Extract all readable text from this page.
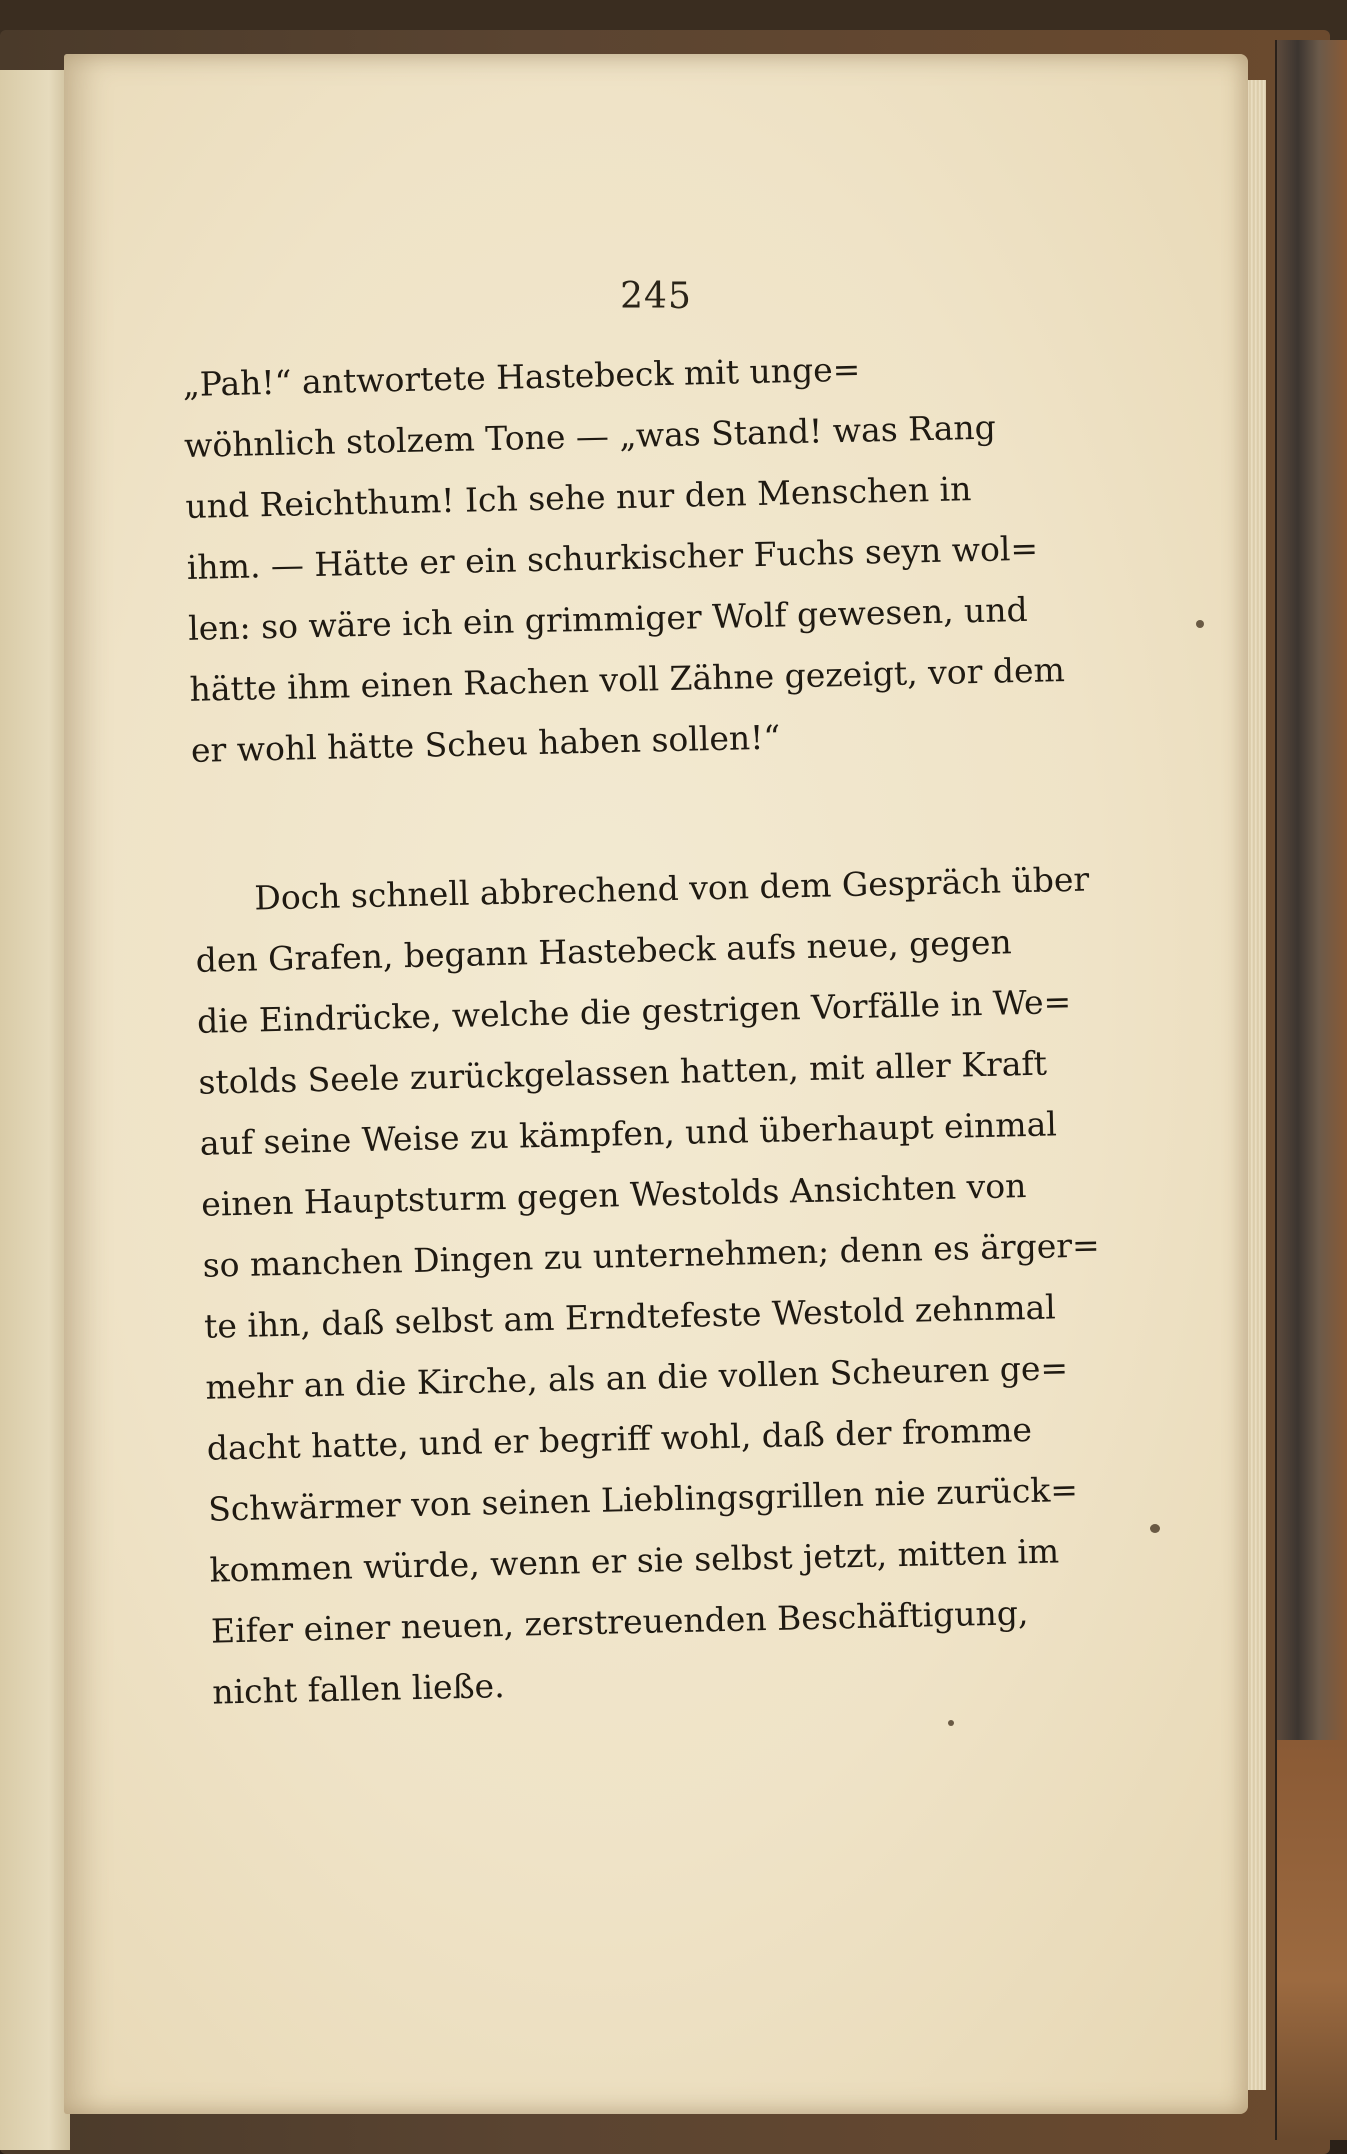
245
„Pah!“ antwortete Hastebeck mit unge=
wöhnlich stolzem Tone — „was Stand! was Rang
und Reichthum! Ich sehe nur den Menschen in
ihm. — Hätte er ein schurkischer Fuchs seyn wol=
len: so wäre ich ein grimmiger Wolf gewesen, und
hätte ihm einen Rachen voll Zähne gezeigt, vor dem
er wohl hätte Scheu haben sollen!“
Doch schnell abbrechend von dem Gespräch über
den Grafen, begann Hastebeck aufs neue, gegen
die Eindrücke, welche die gestrigen Vorfälle in We=
stolds Seele zurückgelassen hatten, mit aller Kraft
auf seine Weise zu kämpfen, und überhaupt einmal
einen Hauptsturm gegen Westolds Ansichten von
so manchen Dingen zu unternehmen; denn es ärger=
te ihn, daß selbst am Erndtefeste Westold zehnmal
mehr an die Kirche, als an die vollen Scheuren ge=
dacht hatte, und er begriff wohl, daß der fromme
Schwärmer von seinen Lieblingsgrillen nie zurück=
kommen würde, wenn er sie selbst jetzt, mitten im
Eifer einer neuen, zerstreuenden Beschäftigung,
nicht fallen ließe.
